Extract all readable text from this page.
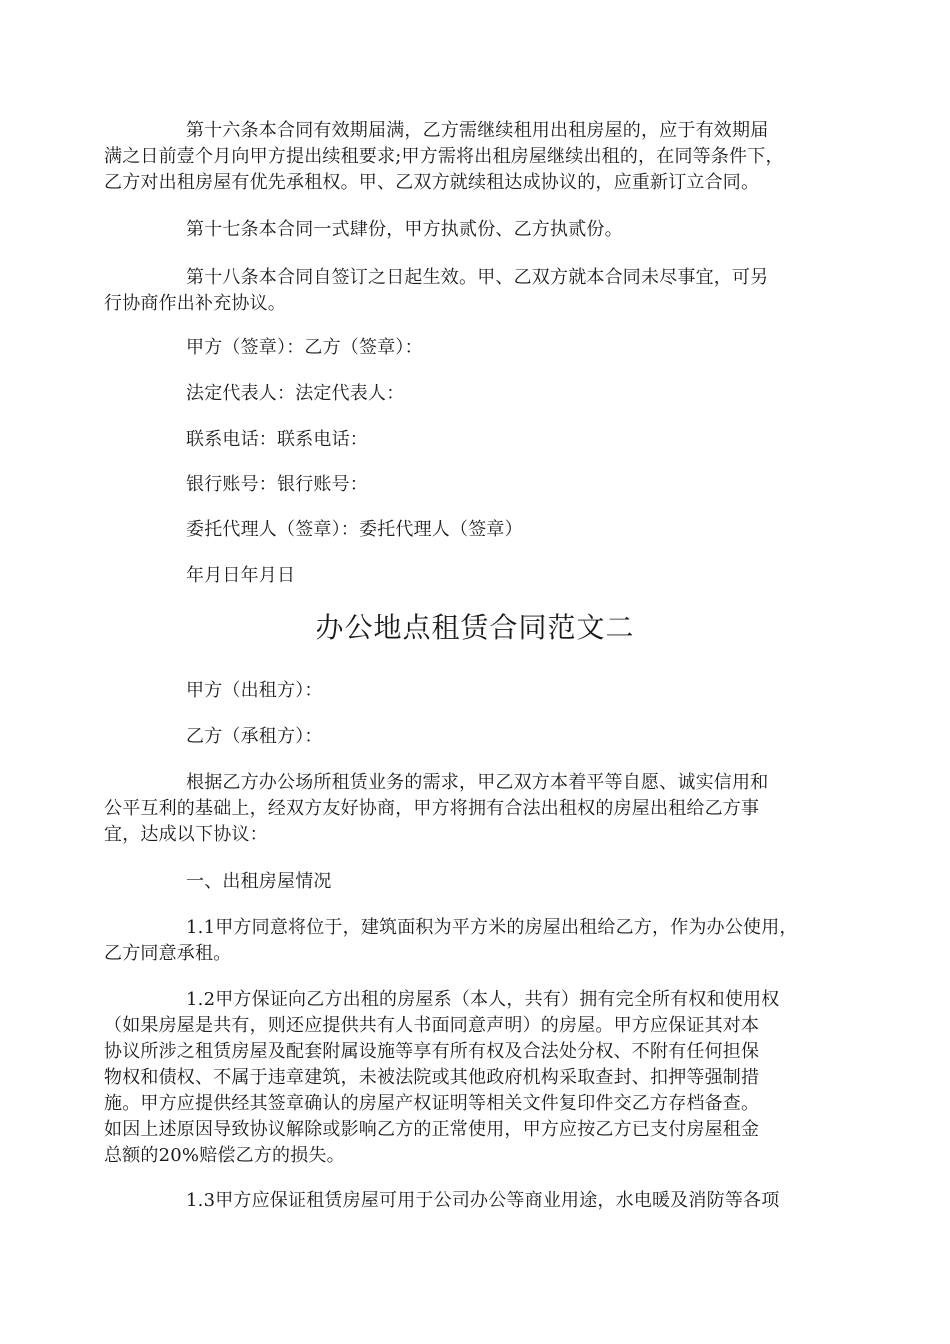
第十六条本合同有效期届满，乙方需继续租用出租房屋的，应于有效期届
满之日前壹个月向甲方提出续租要求;甲方需将出租房屋继续出租的，在同等条件下，
乙方对出租房屋有优先承租权。甲、乙双方就续租达成协议的，应重新订立合同。

第十七条本合同一式肆份，甲方执贰份、乙方执贰份。

第十八条本合同自签订之日起生效。甲、乙双方就本合同未尽事宜，可另
行协商作出补充协议。

甲方（签章）：乙方（签章）：

法定代表人：法定代表人：

联系电话：联系电话：

银行账号：银行账号：

委托代理人（签章）：委托代理人（签章）

年月日年月日

办公地点租赁合同范文二

甲方（出租方）：

乙方（承租方）：

根据乙方办公场所租赁业务的需求，甲乙双方本着平等自愿、诚实信用和
公平互利的基础上，经双方友好协商，甲方将拥有合法出租权的房屋出租给乙方事
宜，达成以下协议：

一、出租房屋情况

1.1甲方同意将位于，建筑面积为平方米的房屋出租给乙方，作为办公使用，
乙方同意承租。

1.2甲方保证向乙方出租的房屋系（本人，共有）拥有完全所有权和使用权
（如果房屋是共有，则还应提供共有人书面同意声明）的房屋。甲方应保证其对本
协议所涉之租赁房屋及配套附属设施等享有所有权及合法处分权、不附有任何担保
物权和债权、不属于违章建筑，未被法院或其他政府机构采取查封、扣押等强制措
施。甲方应提供经其签章确认的房屋产权证明等相关文件复印件交乙方存档备查。
如因上述原因导致协议解除或影响乙方的正常使用，甲方应按乙方已支付房屋租金
总额的20%赔偿乙方的损失。

1.3甲方应保证租赁房屋可用于公司办公等商业用途，水电暖及消防等各项
